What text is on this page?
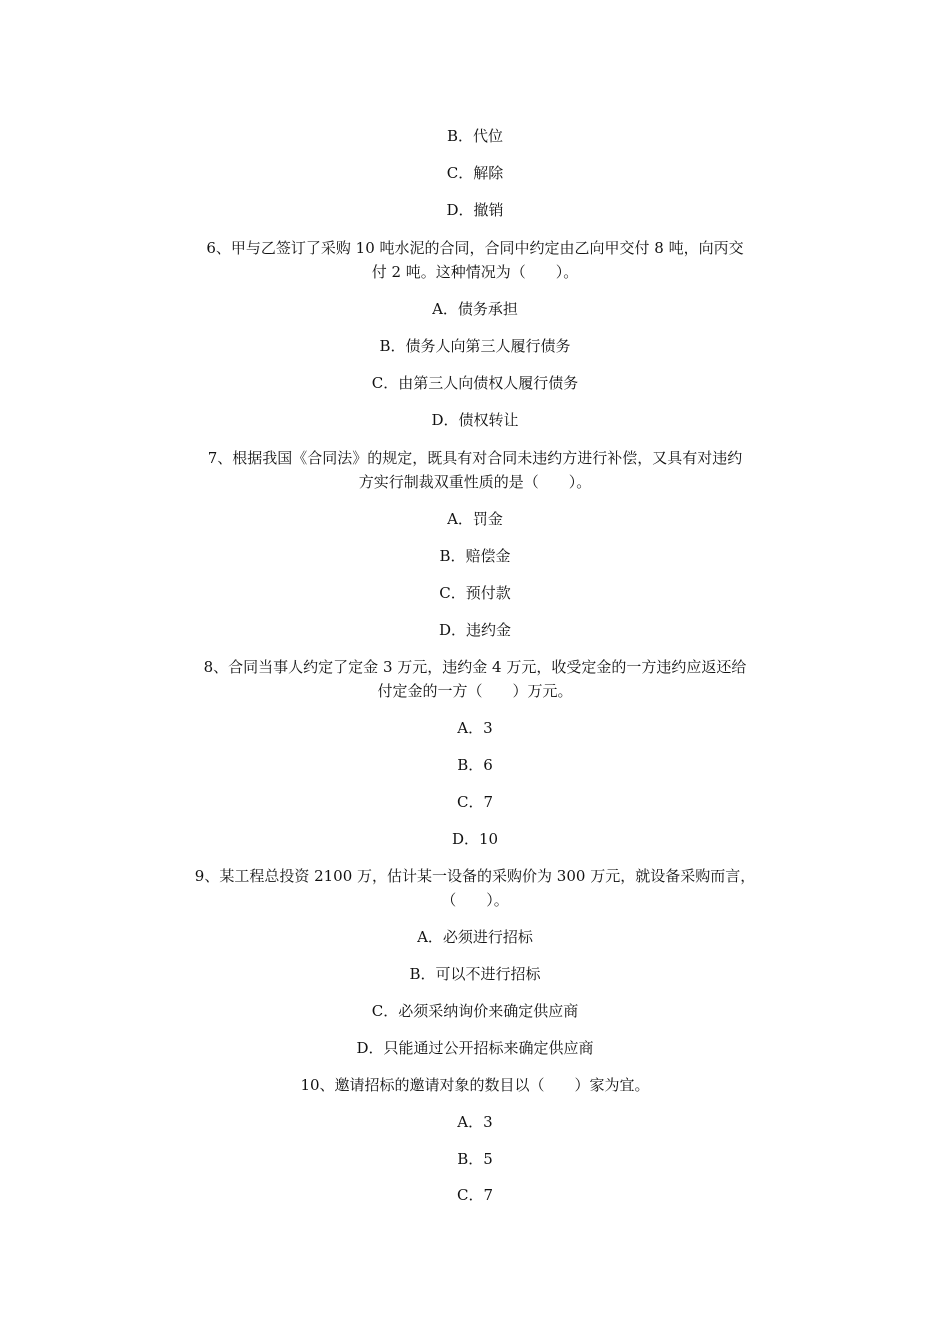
B．代位
C．解除
D．撤销
6、甲与乙签订了采购 10 吨水泥的合同，合同中约定由乙向甲交付 8 吨，向丙交
付 2 吨。这种情况为（　　）。
A．债务承担
B．债务人向第三人履行债务
C．由第三人向债权人履行债务
D．债权转让
7、根据我国《合同法》的规定，既具有对合同未违约方进行补偿，又具有对违约
方实行制裁双重性质的是（　　）。
A．罚金
B．赔偿金
C．预付款
D．违约金
8、合同当事人约定了定金 3 万元，违约金 4 万元，收受定金的一方违约应返还给
付定金的一方（　　）万元。
A．3
B．6
C．7
D．10
9、某工程总投资 2100 万，估计某一设备的采购价为 300 万元，就设备采购而言，
（　　）。
A．必须进行招标
B．可以不进行招标
C．必须采纳询价来确定供应商
D．只能通过公开招标来确定供应商
10、邀请招标的邀请对象的数目以（　　）家为宜。
A．3
B．5
C．7
